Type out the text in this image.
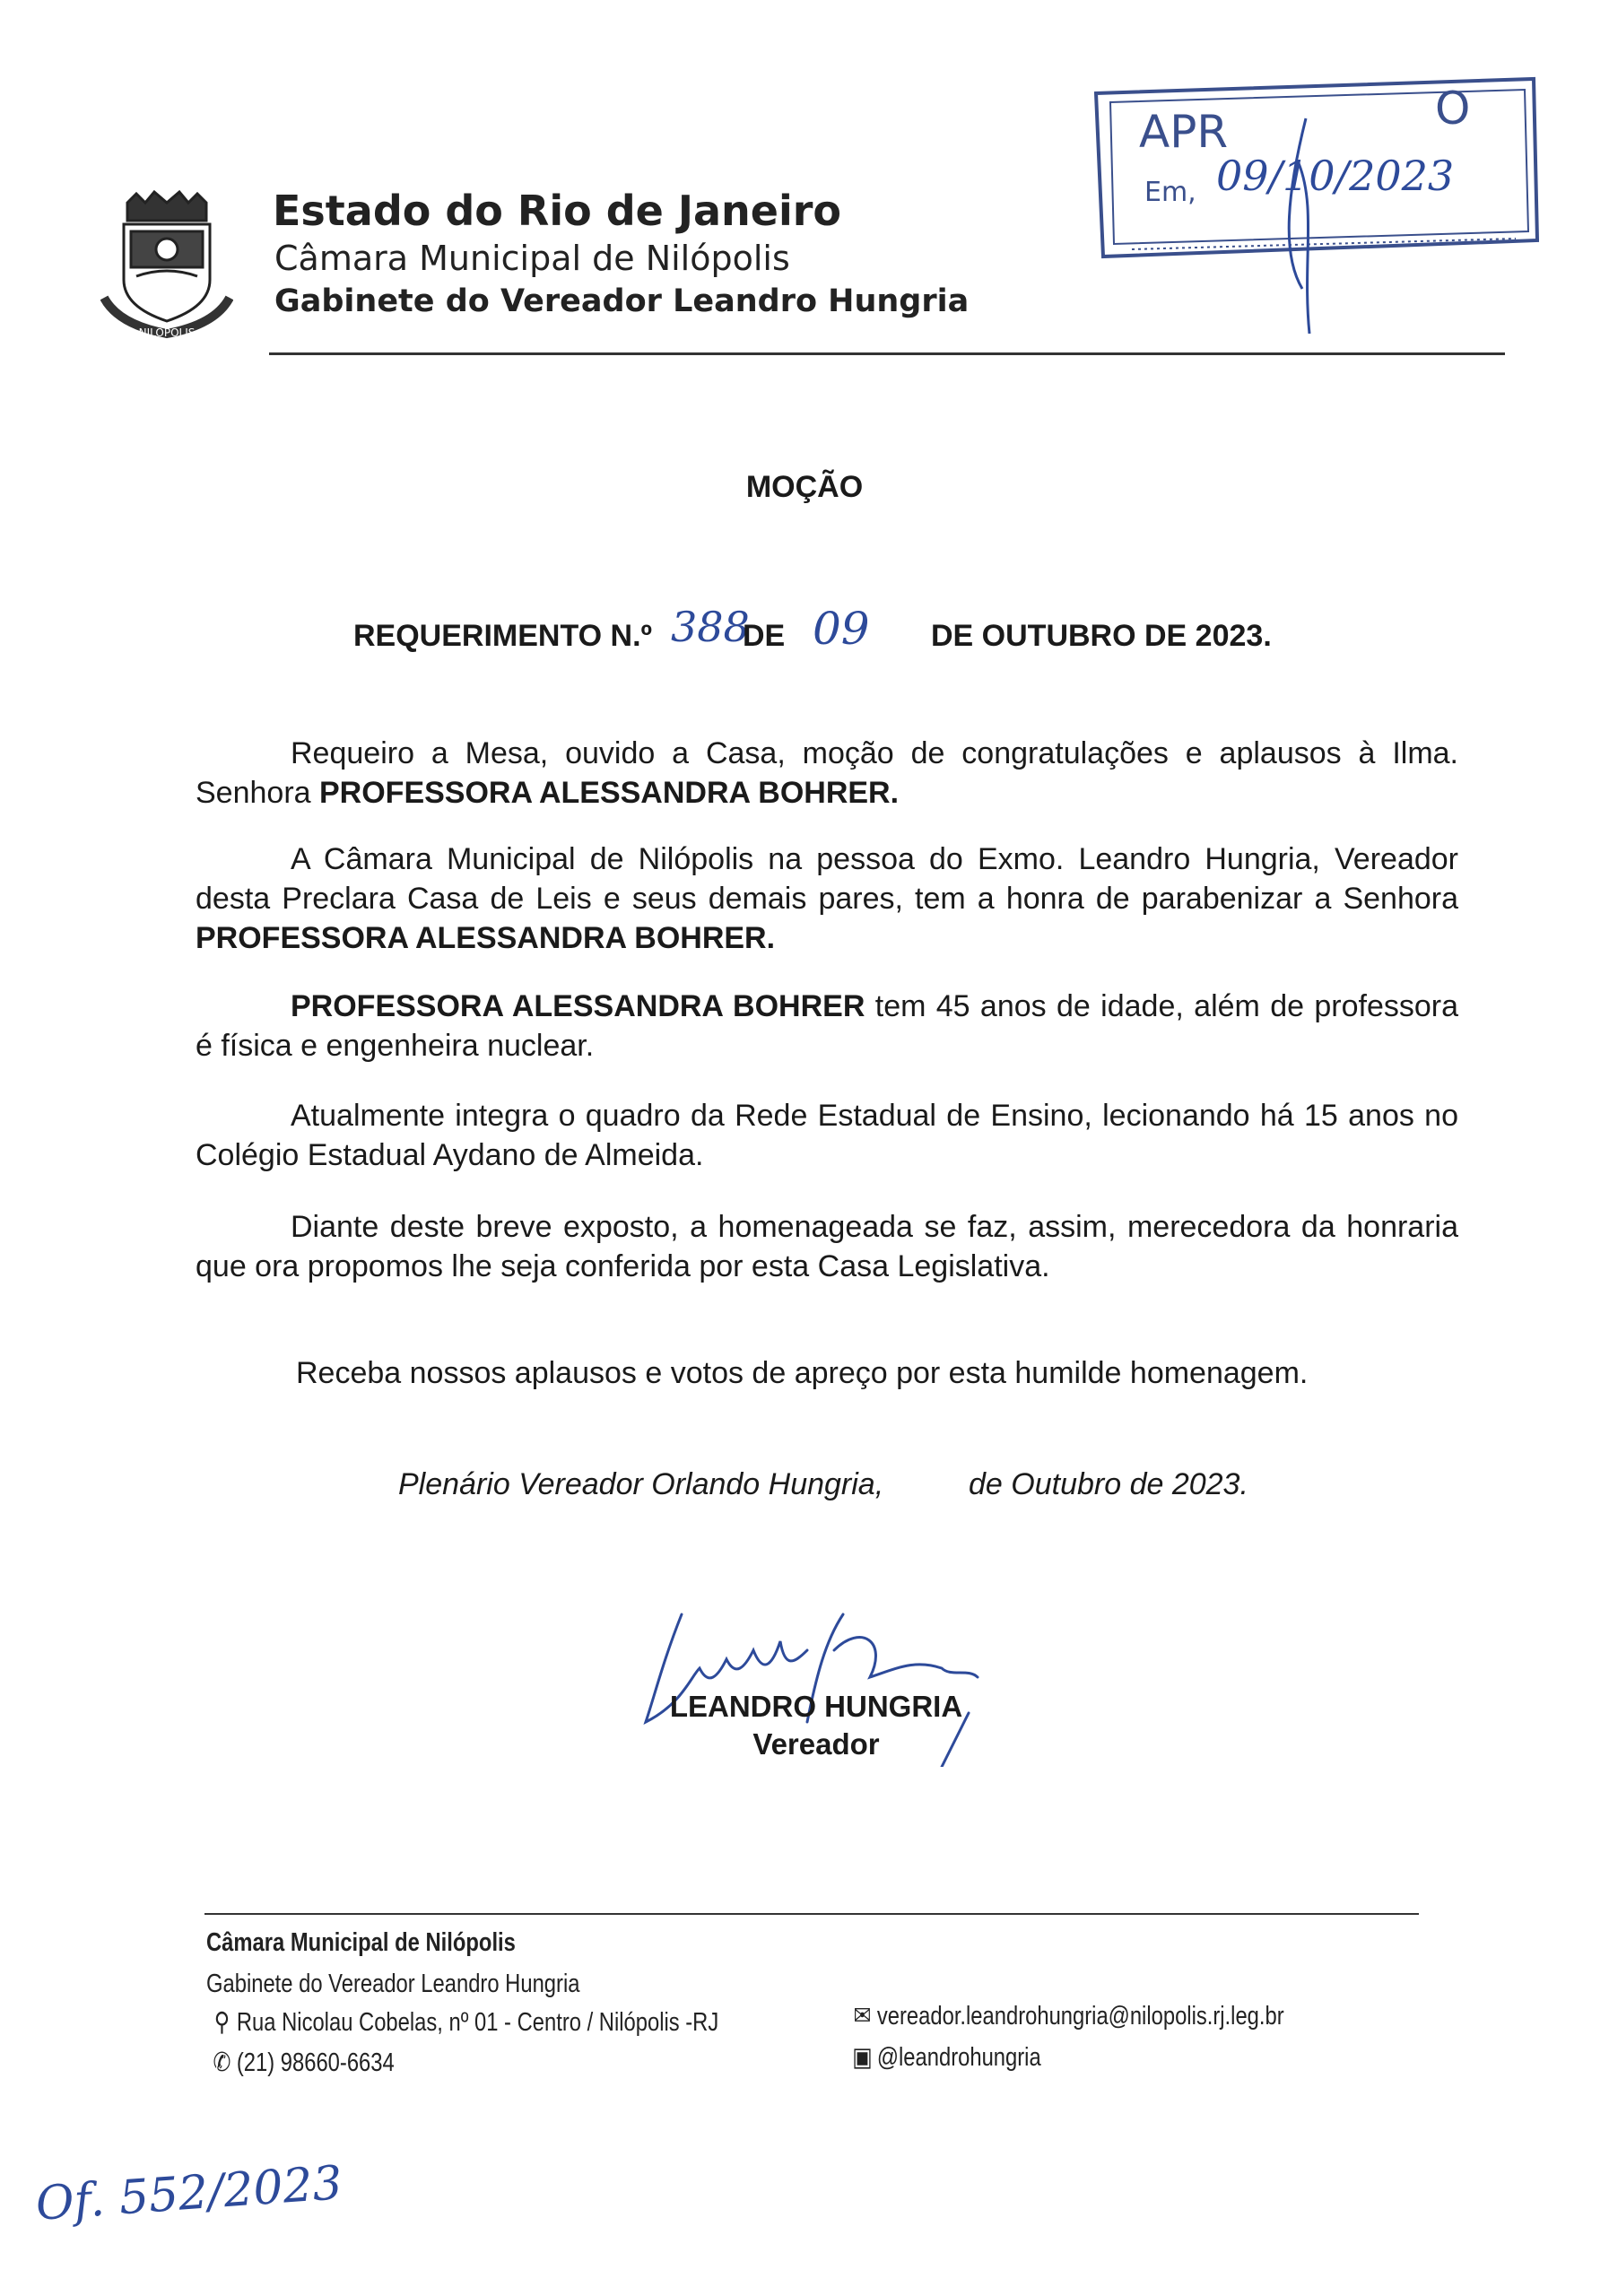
NILÓPOLIS
Estado do Rio de Janeiro
Câmara Municipal de Nilópolis
Gabinete do Vereador Leandro Hungria
APR	O
Em, 09/10/2023
MOÇÃO
REQUERIMENTO N.º 388
DE 09 DE OUTUBRO DE 2023.
Requeiro a Mesa, ouvido a Casa, moção de congratulações e aplausos à Ilma. Senhora PROFESSORA ALESSANDRA BOHRER.
A Câmara Municipal de Nilópolis na pessoa do Exmo. Leandro Hungria, Vereador desta Preclara Casa de Leis e seus demais pares, tem a honra de parabenizar a Senhora PROFESSORA ALESSANDRA BOHRER.
PROFESSORA ALESSANDRA BOHRER tem 45 anos de idade, além de professora é física e engenheira nuclear.
Atualmente integra o quadro da Rede Estadual de Ensino, lecionando há 15 anos no Colégio Estadual Aydano de Almeida.
Diante deste breve exposto, a homenageada se faz, assim, merecedora da honraria que ora propomos lhe seja conferida por esta Casa Legislativa.
Receba nossos aplausos e votos de apreço por esta humilde homenagem.
Plenário Vereador Orlando Hungria,	de Outubro de 2023.
LEANDRO HUNGRIA
Vereador
Câmara Municipal de Nilópolis
Gabinete do Vereador Leandro Hungria
⚲ Rua Nicolau Cobelas, nº 01 - Centro / Nilópolis -RJ
✆ (21) 98660-6634
✉ vereador.leandrohungria@nilopolis.rj.leg.br
▣ @leandrohungria
Of. 552/2023
